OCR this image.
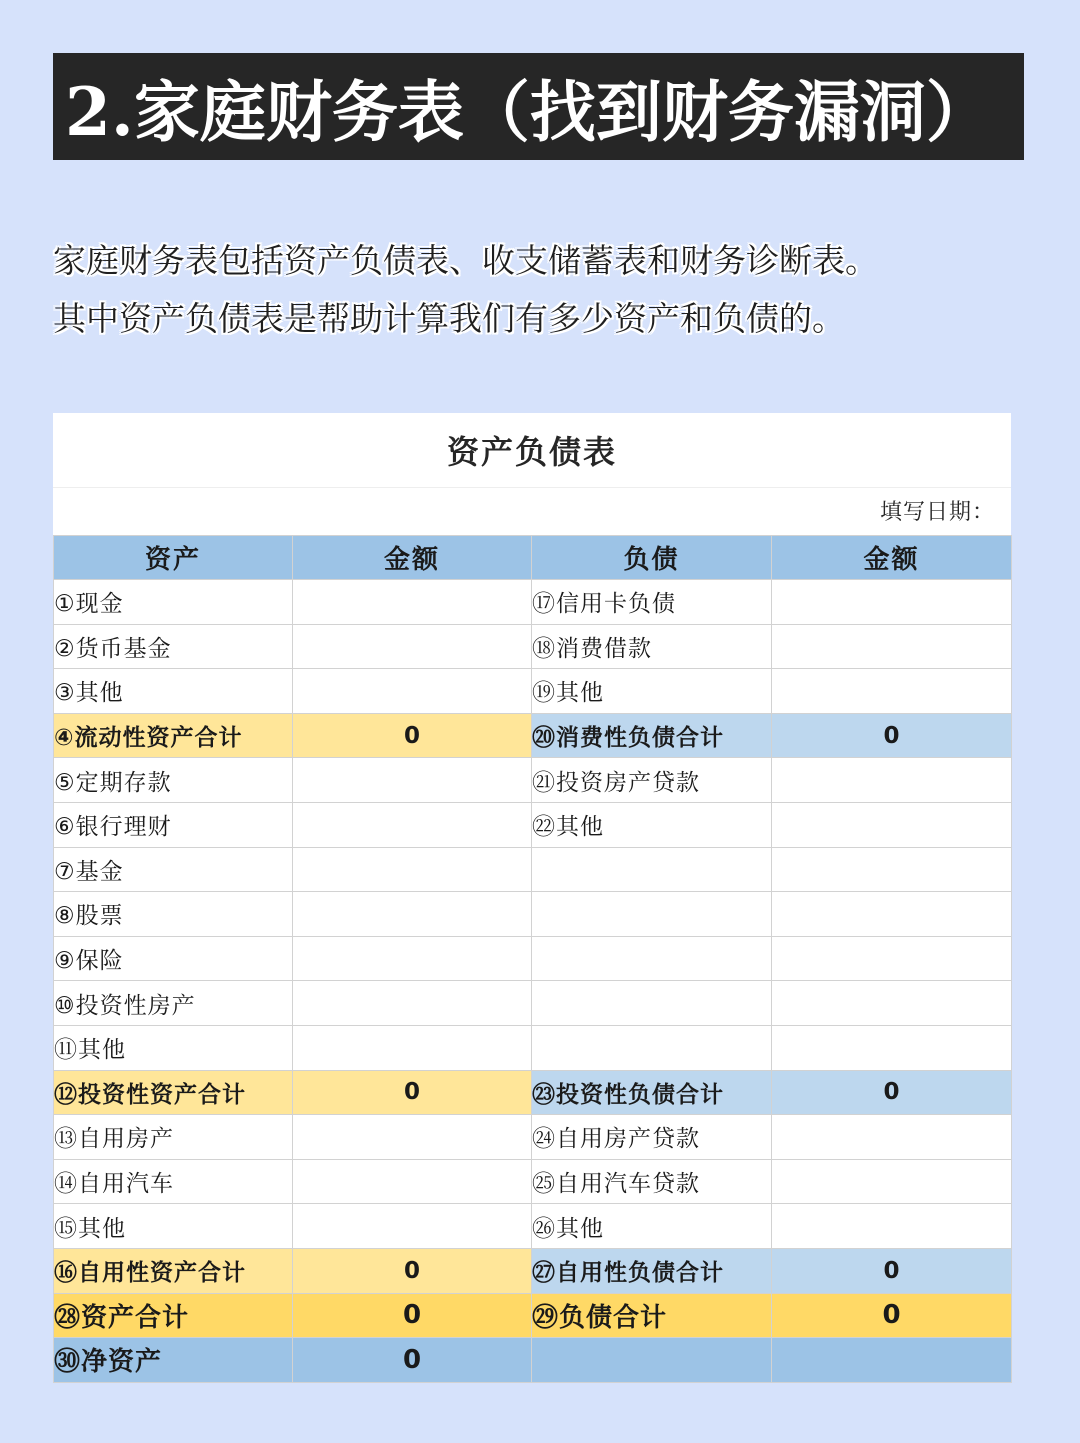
2.家庭财务表（找到财务漏洞）
家庭财务表包括资产负债表、收支储蓄表和财务诊断表。
其中资产负债表是帮助计算我们有多少资产和负债的。
资产负债表
填写日期：
资产	金额	负债	金额
①现金		⑰信用卡负债	
②货币基金		⑱消费借款	
③其他		⑲其他	
④流动性资产合计	0	⑳消费性负债合计	0
⑤定期存款		㉑投资房产贷款	
⑥银行理财		㉒其他	
⑦基金			
⑧股票			
⑨保险			
⑩投资性房产			
⑪其他			
⑫投资性资产合计	0	㉓投资性负债合计	0
⑬自用房产		㉔自用房产贷款	
⑭自用汽车		㉕自用汽车贷款	
⑮其他		㉖其他	
⑯自用性资产合计	0	㉗自用性负债合计	0
㉘资产合计	0	㉙负债合计	0
㉚净资产	0		
